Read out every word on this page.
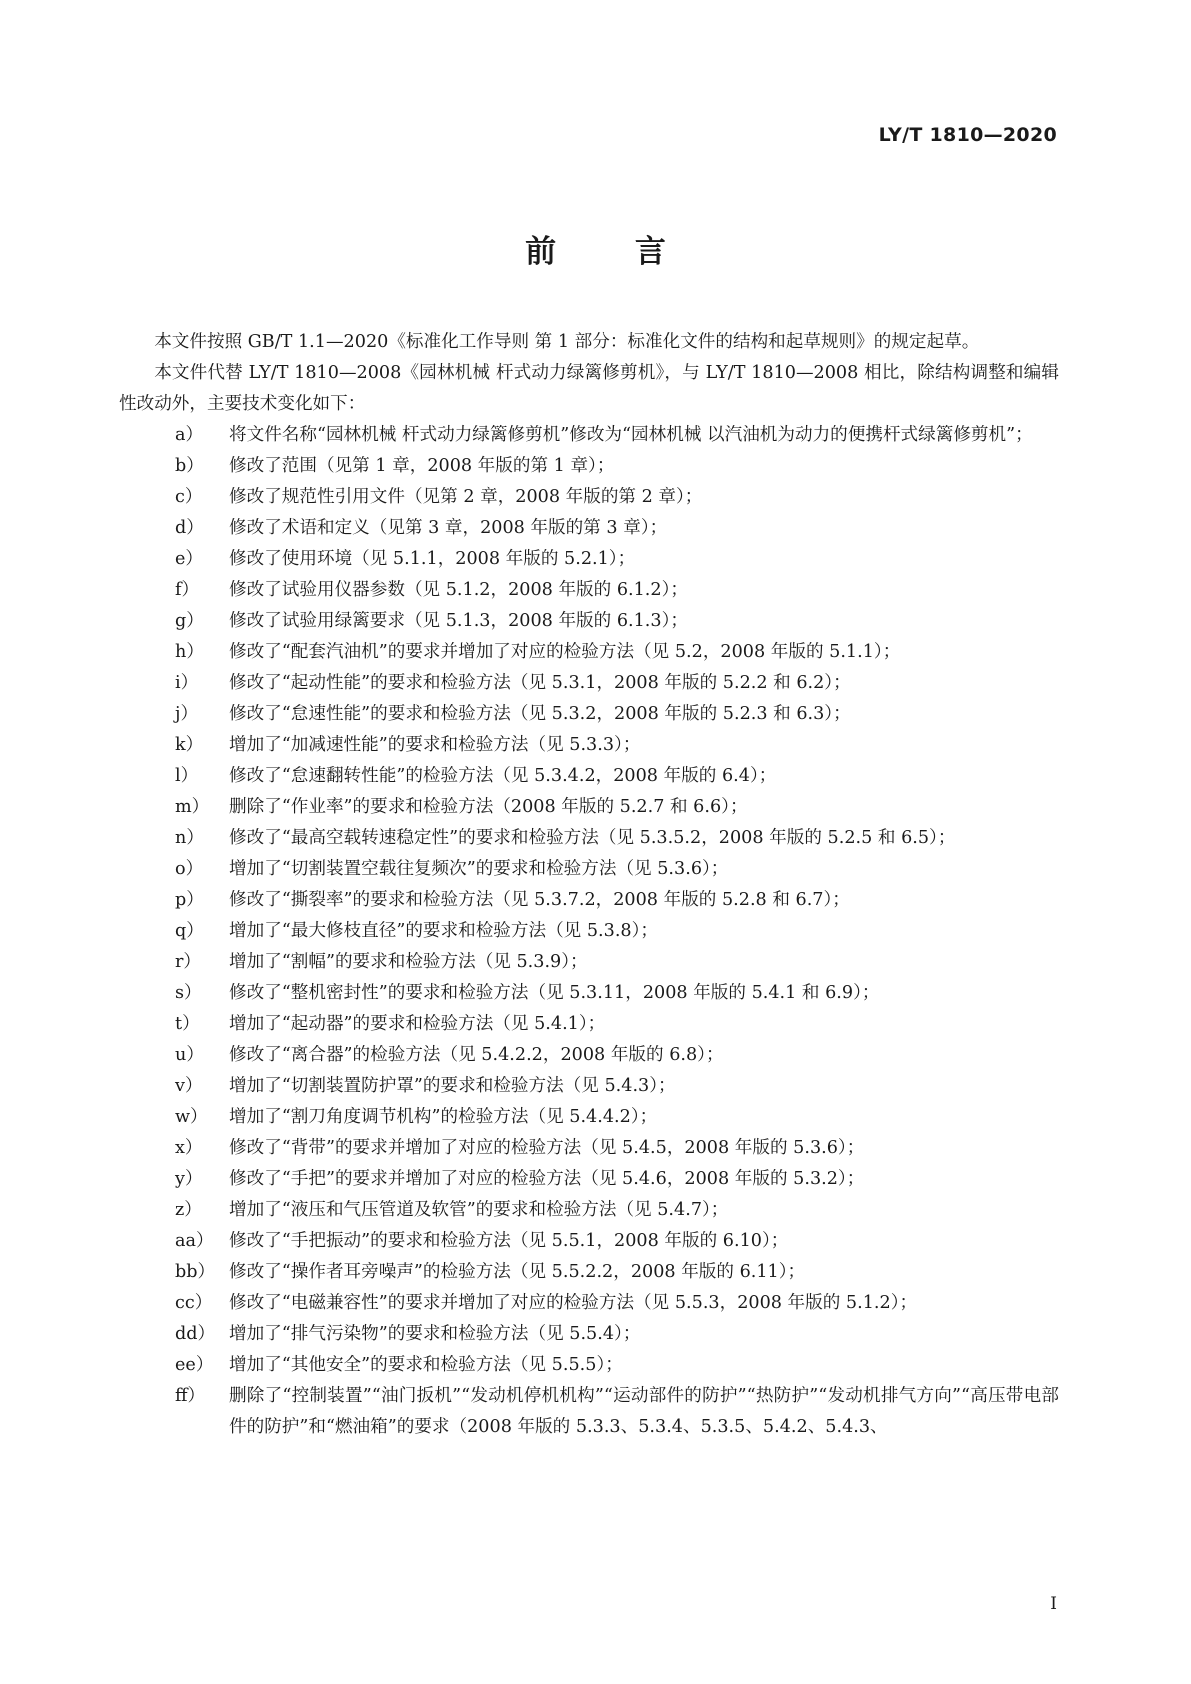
LY/T 1810—2020
前 言

本文件按照 GB/T 1.1—2020《标准化工作导则 第 1 部分：标准化文件的结构和起草规则》的规定起草。

本文件代替 LY/T 1810—2008《园林机械 杆式动力绿篱修剪机》，与 LY/T 1810—2008 相比，除结构调整和编辑性改动外，主要技术变化如下：

a） 将文件名称“园林机械 杆式动力绿篱修剪机”修改为“园林机械 以汽油机为动力的便携杆式绿篱修剪机”；
b） 修改了范围（见第 1 章，2008 年版的第 1 章）；
c） 修改了规范性引用文件（见第 2 章，2008 年版的第 2 章）；
d） 修改了术语和定义（见第 3 章，2008 年版的第 3 章）；
e） 修改了使用环境（见 5.1.1，2008 年版的 5.2.1）；
f） 修改了试验用仪器参数（见 5.1.2，2008 年版的 6.1.2）；
g） 修改了试验用绿篱要求（见 5.1.3，2008 年版的 6.1.3）；
h） 修改了“配套汽油机”的要求并增加了对应的检验方法（见 5.2，2008 年版的 5.1.1）；
i） 修改了“起动性能”的要求和检验方法（见 5.3.1，2008 年版的 5.2.2 和 6.2）；
j） 修改了“怠速性能”的要求和检验方法（见 5.3.2，2008 年版的 5.2.3 和 6.3）；
k） 增加了“加减速性能”的要求和检验方法（见 5.3.3）；
l） 修改了“怠速翻转性能”的检验方法（见 5.3.4.2，2008 年版的 6.4）；
m） 删除了“作业率”的要求和检验方法（2008 年版的 5.2.7 和 6.6）；
n） 修改了“最高空载转速稳定性”的要求和检验方法（见 5.3.5.2，2008 年版的 5.2.5 和 6.5）；
o） 增加了“切割装置空载往复频次”的要求和检验方法（见 5.3.6）；
p） 修改了“撕裂率”的要求和检验方法（见 5.3.7.2，2008 年版的 5.2.8 和 6.7）；
q） 增加了“最大修枝直径”的要求和检验方法（见 5.3.8）；
r） 增加了“割幅”的要求和检验方法（见 5.3.9）；
s） 修改了“整机密封性”的要求和检验方法（见 5.3.11，2008 年版的 5.4.1 和 6.9）；
t） 增加了“起动器”的要求和检验方法（见 5.4.1）；
u） 修改了“离合器”的检验方法（见 5.4.2.2，2008 年版的 6.8）；
v） 增加了“切割装置防护罩”的要求和检验方法（见 5.4.3）；
w） 增加了“割刀角度调节机构”的检验方法（见 5.4.4.2）；
x） 修改了“背带”的要求并增加了对应的检验方法（见 5.4.5，2008 年版的 5.3.6）；
y） 修改了“手把”的要求并增加了对应的检验方法（见 5.4.6，2008 年版的 5.3.2）；
z） 增加了“液压和气压管道及软管”的要求和检验方法（见 5.4.7）；
aa） 修改了“手把振动”的要求和检验方法（见 5.5.1，2008 年版的 6.10）；
bb） 修改了“操作者耳旁噪声”的检验方法（见 5.5.2.2，2008 年版的 6.11）；
cc） 修改了“电磁兼容性”的要求并增加了对应的检验方法（见 5.5.3，2008 年版的 5.1.2）；
dd） 增加了“排气污染物”的要求和检验方法（见 5.5.4）；
ee） 增加了“其他安全”的要求和检验方法（见 5.5.5）；
ff） 删除了“控制装置”“油门扳机”“发动机停机机构”“运动部件的防护”“热防护”“发动机排气方向”“高压带电部件的防护”和“燃油箱”的要求（2008 年版的 5.3.3、5.3.4、5.3.5、5.4.2、5.4.3、
I
